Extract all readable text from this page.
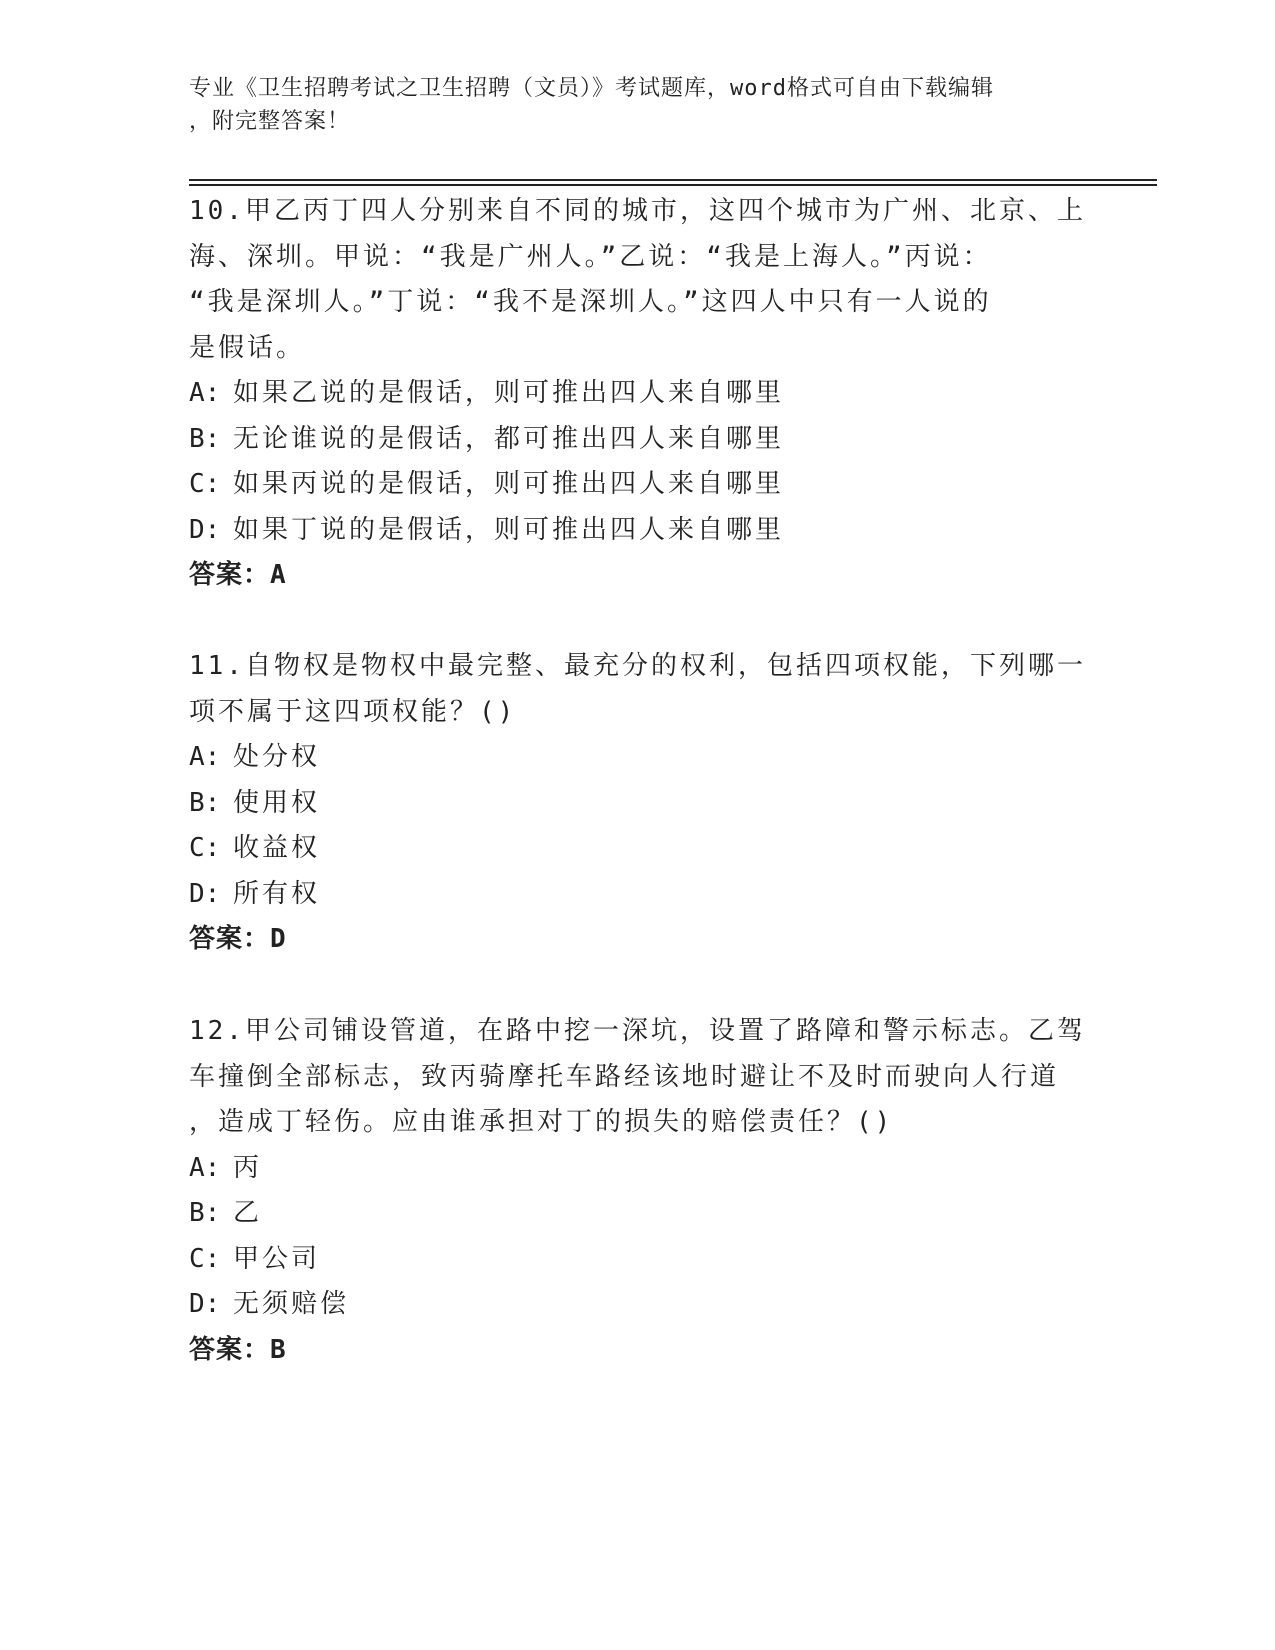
专业《卫生招聘考试之卫生招聘（文员）》考试题库，word格式可自由下载编辑
，附完整答案！
10.甲乙丙丁四人分别来自不同的城市，这四个城市为广州、北京、上
海、深圳。甲说：“我是广州人。”乙说：“我是上海人。”丙说：
“我是深圳人。”丁说：“我不是深圳人。”这四人中只有一人说的
是假话。
A: 如果乙说的是假话，则可推出四人来自哪里
B: 无论谁说的是假话，都可推出四人来自哪里
C: 如果丙说的是假话，则可推出四人来自哪里
D: 如果丁说的是假话，则可推出四人来自哪里
答案：A
11.自物权是物权中最完整、最充分的权利，包括四项权能，下列哪一
项不属于这四项权能？()
A: 处分权
B: 使用权
C: 收益权
D: 所有权
答案：D
12.甲公司铺设管道，在路中挖一深坑，设置了路障和警示标志。乙驾
车撞倒全部标志，致丙骑摩托车路经该地时避让不及时而驶向人行道
，造成丁轻伤。应由谁承担对丁的损失的赔偿责任？()
A: 丙
B: 乙
C: 甲公司
D: 无须赔偿
答案：B
